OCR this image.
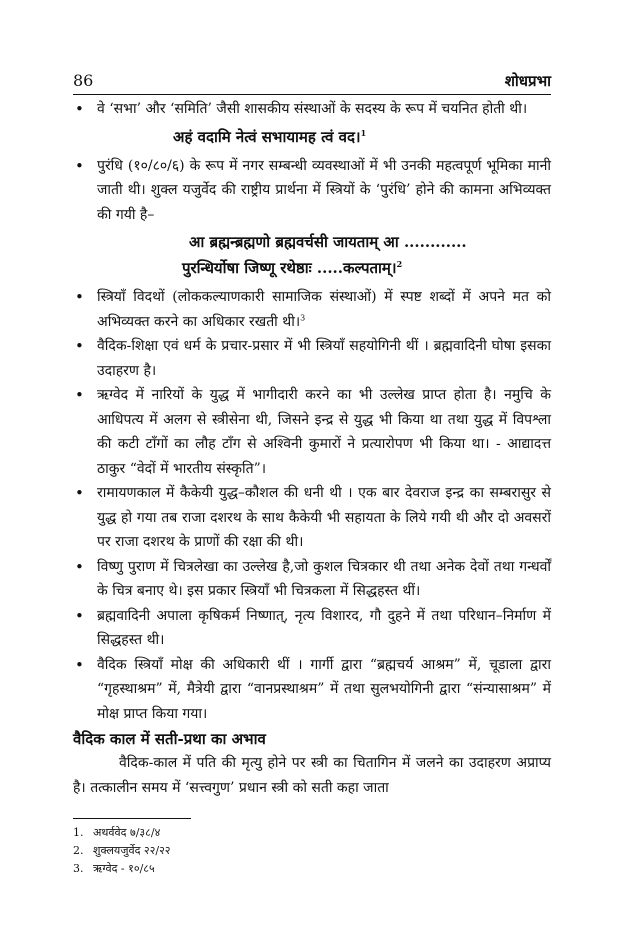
86	शोधप्रभा
• वे ‘सभा’ और ‘समिति’ जैसी शासकीय संस्थाओं के सदस्य के रूप में चयनित होती थी।
अहं वदामि नेत्वं सभायामह त्वं वद।$^1$
• पुरंधि (१०/८०/६) के रूप में नगर सम्बन्धी व्यवस्थाओं में भी उनकी महत्वपूर्ण भूमिका मानी जाती थी। शुक्ल यजुर्वेद की राष्ट्रीय प्रार्थना में स्त्रियों के ‘पुरंधि’ होने की कामना अभिव्यक्त की गयी है–
आ ब्रह्मन्ब्रह्मणो ब्रह्मवर्चसी जायताम् आ ............
पुरन्धिर्योषा जिष्णू रथेष्ठाः .....कल्पताम्।$^2$
• स्त्रियाँ विदथों (लोककल्याणकारी सामाजिक संस्थाओं) में स्पष्ट शब्दों में अपने मत को अभिव्यक्त करने का अधिकार रखती थी।$^3$
• वैदिक-शिक्षा एवं धर्म के प्रचार-प्रसार में भी स्त्रियाँ सहयोगिनी थीं । ब्रह्मवादिनी घोषा इसका उदाहरण है।
• ऋग्वेद में नारियों के युद्ध में भागीदारी करने का भी उल्लेख प्राप्त होता है। नमुचि के आधिपत्य में अलग से स्त्रीसेना थी, जिसने इन्द्र से युद्ध भी किया था तथा युद्ध में विपश्ला की कटी टाँगों का लौह टाँग से अश्विनी कुमारों ने प्रत्यारोपण भी किया था। - आद्यादत्त ठाकुर “वेदों में भारतीय संस्कृति”।
• रामायणकाल में कैकेयी युद्ध–कौशल की धनी थी । एक बार देवराज इन्द्र का सम्बरासुर से युद्ध हो गया तब राजा दशरथ के साथ कैकेयी भी सहायता के लिये गयी थी और दो अवसरों पर राजा दशरथ के प्राणों की रक्षा की थी।
• विष्णु पुराण में चित्रलेखा का उल्लेख है,जो कुशल चित्रकार थी तथा अनेक देवों तथा गन्धर्वों के चित्र बनाए थे। इस प्रकार स्त्रियाँ भी चित्रकला में सिद्धहस्त थीं।
• ब्रह्मवादिनी अपाला कृषिकर्म निष्णात्, नृत्य विशारद, गौ दुहने में तथा परिधान–निर्माण में सिद्धहस्त थी।
• वैदिक स्त्रियाँ मोक्ष की अधिकारी थीं । गार्गी द्वारा “ब्रह्मचर्य आश्रम” में, चूडाला द्वारा “गृहस्थाश्रम” में, मैत्रेयी द्वारा “वानप्रस्थाश्रम” में तथा सुलभयोगिनी द्वारा “संन्यासाश्रम” में मोक्ष प्राप्त किया गया।
वैदिक काल में सती-प्रथा का अभाव
वैदिक-काल में पति की मृत्यु होने पर स्त्री का चितागिन में जलने का उदाहरण अप्राप्य है। तत्कालीन समय में ‘सत्त्वगुण’ प्रधान स्त्री को सती कहा जाता
1. अथर्ववेद ७/३८/४
2. शुक्लयजुर्वेद २२/२२
3. ऋग्वेद - १०/८५
